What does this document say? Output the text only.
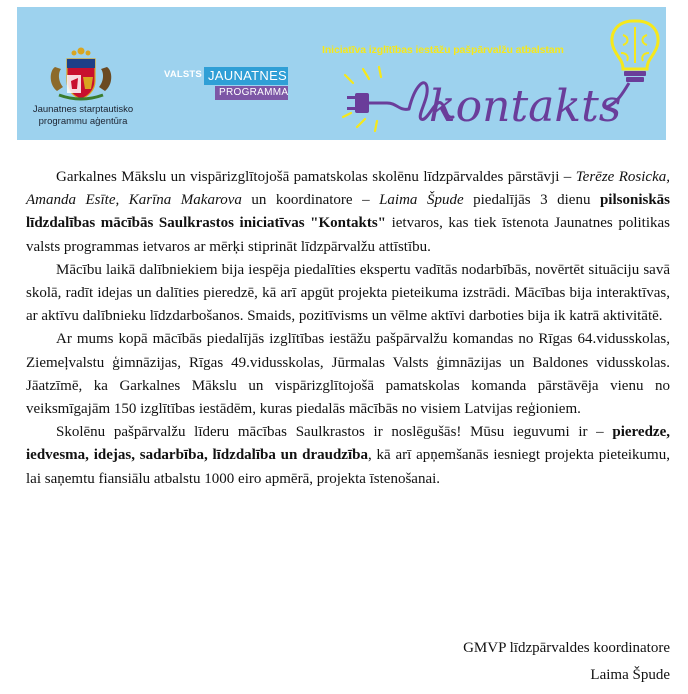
Jaunatnes starptautisko
programmu aģentūra
VALSTS JAUNATNES
PROGRAMMA
Iniciatīva izglītības iestāžu pašpārvalžu atbalstam
kontakts

Garkalnes Mākslu un vispārizglītojošā pamatskolas skolēnu līdzpārvaldes pārstāvji – Terēze Rosicka, Amanda Esīte, Karīna Makarova un koordinatore – Laima Špude piedalījās 3 dienu pilsoniskās līdzdalības mācībās Saulkrastos iniciatīvas "Kontakts" ietvaros, kas tiek īstenota Jaunatnes politikas valsts programmas ietvaros ar mērķi stiprināt līdzpārvalžu attīstību.

Mācību laikā dalībniekiem bija iespēja piedalīties ekspertu vadītās nodarbībās, novērtēt situāciju savā skolā, radīt idejas un dalīties pieredzē, kā arī apgūt projekta pieteikuma izstrādi. Mācības bija interaktīvas, ar aktīvu dalībnieku līdzdarbošanos. Smaids, pozitīvisms un vēlme aktīvi darboties bija ik katrā aktivitātē.

Ar mums kopā mācībās piedalījās izglītības iestāžu pašpārvalžu komandas no Rīgas 64.vidusskolas, Ziemeļvalstu ģimnāzijas, Rīgas 49.vidusskolas, Jūrmalas Valsts ģimnāzijas un Baldones vidusskolas. Jāatzīmē, ka Garkalnes Mākslu un vispārizglītojošā pamatskolas komanda pārstāvēja vienu no veiksmīgajām 150 izglītības iestādēm, kuras piedalās mācībās no visiem Latvijas reģioniem.

Skolēnu pašpārvalžu līderu mācības Saulkrastos ir noslēgušās! Mūsu ieguvumi ir – pieredze, iedvesma, idejas, sadarbība, līdzdalība un draudzība, kā arī apņemšanās iesniegt projekta pieteikumu, lai saņemtu fiansiālu atbalstu 1000 eiro apmērā, projekta īstenošanai.

GMVP līdzpārvaldes koordinatore
Laima Špude
